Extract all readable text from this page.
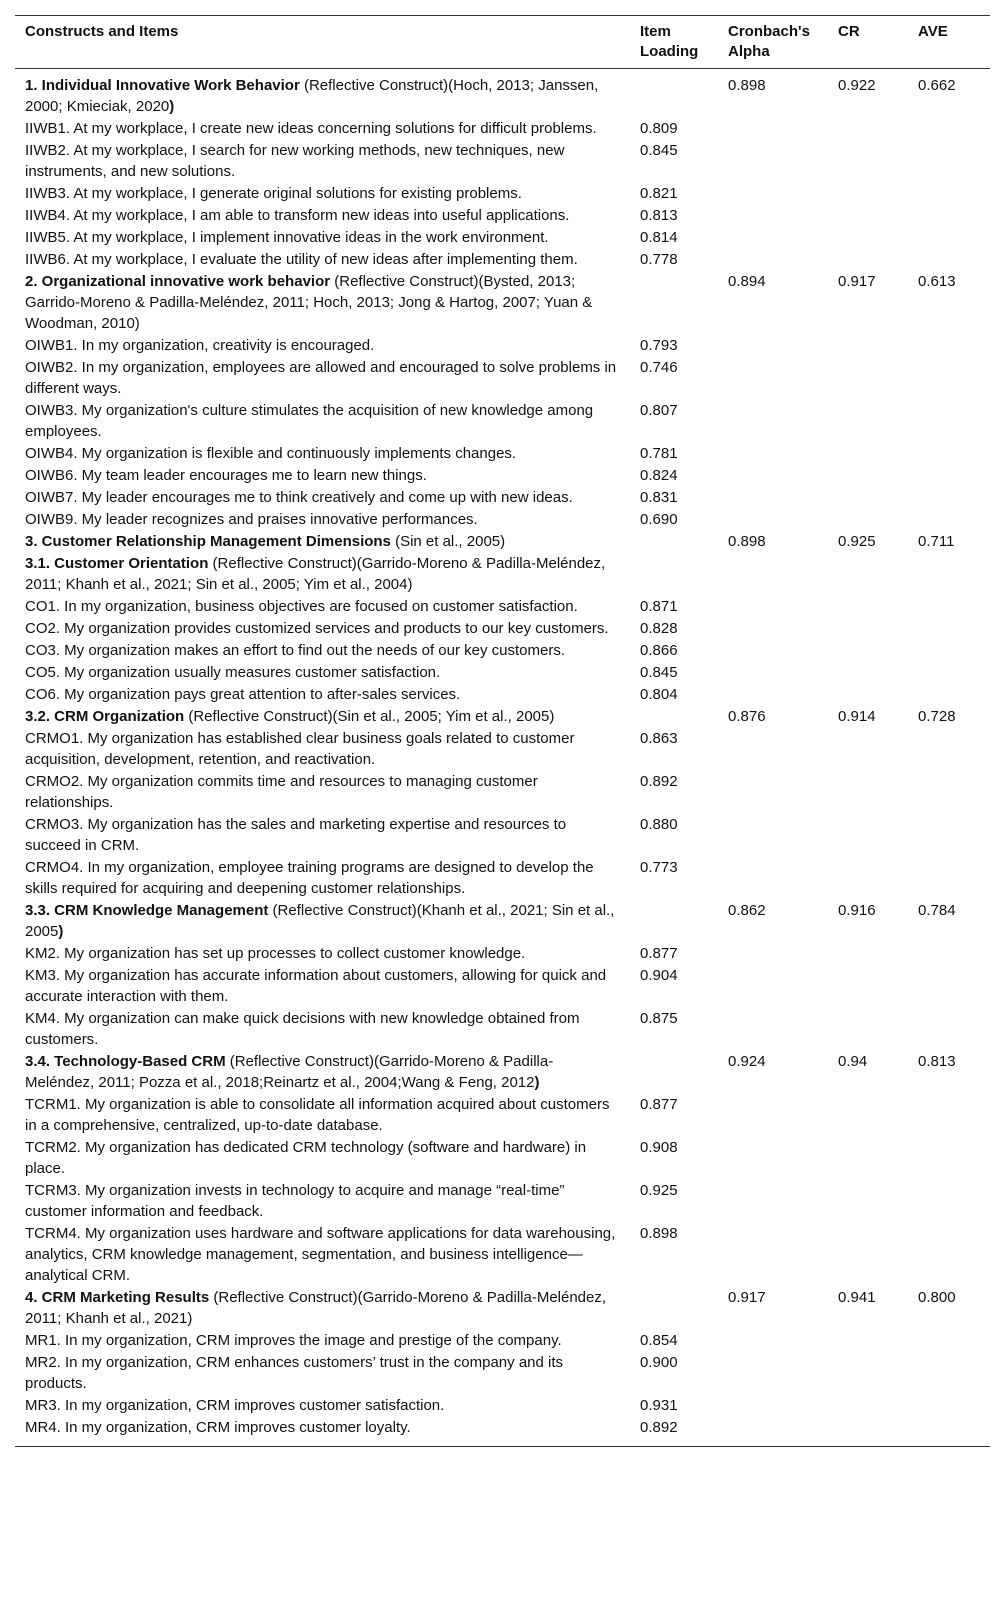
Constructs and Items	Item Loading	Cronbach's Alpha	CR	AVE
1. Individual Innovative Work Behavior (Reflective Construct)(Hoch, 2013; Janssen, 2000; Kmieciak, 2020)		0.898	0.922	0.662
IIWB1. At my workplace, I create new ideas concerning solutions for difficult problems.	0.809			
IIWB2. At my workplace, I search for new working methods, new techniques, new instruments, and new solutions.	0.845			
IIWB3. At my workplace, I generate original solutions for existing problems.	0.821			
IIWB4. At my workplace, I am able to transform new ideas into useful applications.	0.813			
IIWB5. At my workplace, I implement innovative ideas in the work environment.	0.814			
IIWB6. At my workplace, I evaluate the utility of new ideas after implementing them.	0.778			
2. Organizational innovative work behavior (Reflective Construct)(Bysted, 2013; Garrido-Moreno & Padilla-Meléndez, 2011; Hoch, 2013; Jong & Hartog, 2007; Yuan & Woodman, 2010)		0.894	0.917	0.613
OIWB1. In my organization, creativity is encouraged.	0.793			
OIWB2. In my organization, employees are allowed and encouraged to solve problems in different ways.	0.746			
OIWB3. My organization's culture stimulates the acquisition of new knowledge among employees.	0.807			
OIWB4. My organization is flexible and continuously implements changes.	0.781			
OIWB6. My team leader encourages me to learn new things.	0.824			
OIWB7. My leader encourages me to think creatively and come up with new ideas.	0.831			
OIWB9. My leader recognizes and praises innovative performances.	0.690			
3. Customer Relationship Management Dimensions (Sin et al., 2005)		0.898	0.925	0.711
3.1. Customer Orientation (Reflective Construct)(Garrido-Moreno & Padilla-Meléndez, 2011; Khanh et al., 2021; Sin et al., 2005; Yim et al., 2004)				
CO1. In my organization, business objectives are focused on customer satisfaction.	0.871			
CO2. My organization provides customized services and products to our key customers.	0.828			
CO3. My organization makes an effort to find out the needs of our key customers.	0.866			
CO5. My organization usually measures customer satisfaction.	0.845			
CO6. My organization pays great attention to after-sales services.	0.804			
3.2. CRM Organization (Reflective Construct)(Sin et al., 2005; Yim et al., 2005)		0.876	0.914	0.728
CRMO1. My organization has established clear business goals related to customer acquisition, development, retention, and reactivation.	0.863			
CRMO2. My organization commits time and resources to managing customer relationships.	0.892			
CRMO3. My organization has the sales and marketing expertise and resources to succeed in CRM.	0.880			
CRMO4. In my organization, employee training programs are designed to develop the skills required for acquiring and deepening customer relationships.	0.773			
3.3. CRM Knowledge Management (Reflective Construct)(Khanh et al., 2021; Sin et al., 2005)		0.862	0.916	0.784
KM2. My organization has set up processes to collect customer knowledge.	0.877			
KM3. My organization has accurate information about customers, allowing for quick and accurate interaction with them.	0.904			
KM4. My organization can make quick decisions with new knowledge obtained from customers.	0.875			
3.4. Technology-Based CRM (Reflective Construct)(Garrido-Moreno & Padilla-Meléndez, 2011; Pozza et al., 2018;Reinartz et al., 2004;Wang & Feng, 2012)		0.924	0.94	0.813
TCRM1. My organization is able to consolidate all information acquired about customers in a comprehensive, centralized, up-to-date database.	0.877			
TCRM2. My organization has dedicated CRM technology (software and hardware) in place.	0.908			
TCRM3. My organization invests in technology to acquire and manage “real-time” customer information and feedback.	0.925			
TCRM4. My organization uses hardware and software applications for data warehousing, analytics, CRM knowledge management, segmentation, and business intelligence—analytical CRM.	0.898			
4. CRM Marketing Results (Reflective Construct)(Garrido-Moreno & Padilla-Meléndez, 2011; Khanh et al., 2021)		0.917	0.941	0.800
MR1. In my organization, CRM improves the image and prestige of the company.	0.854			
MR2. In my organization, CRM enhances customers’ trust in the company and its products.	0.900			
MR3. In my organization, CRM improves customer satisfaction.	0.931			
MR4. In my organization, CRM improves customer loyalty.	0.892			
